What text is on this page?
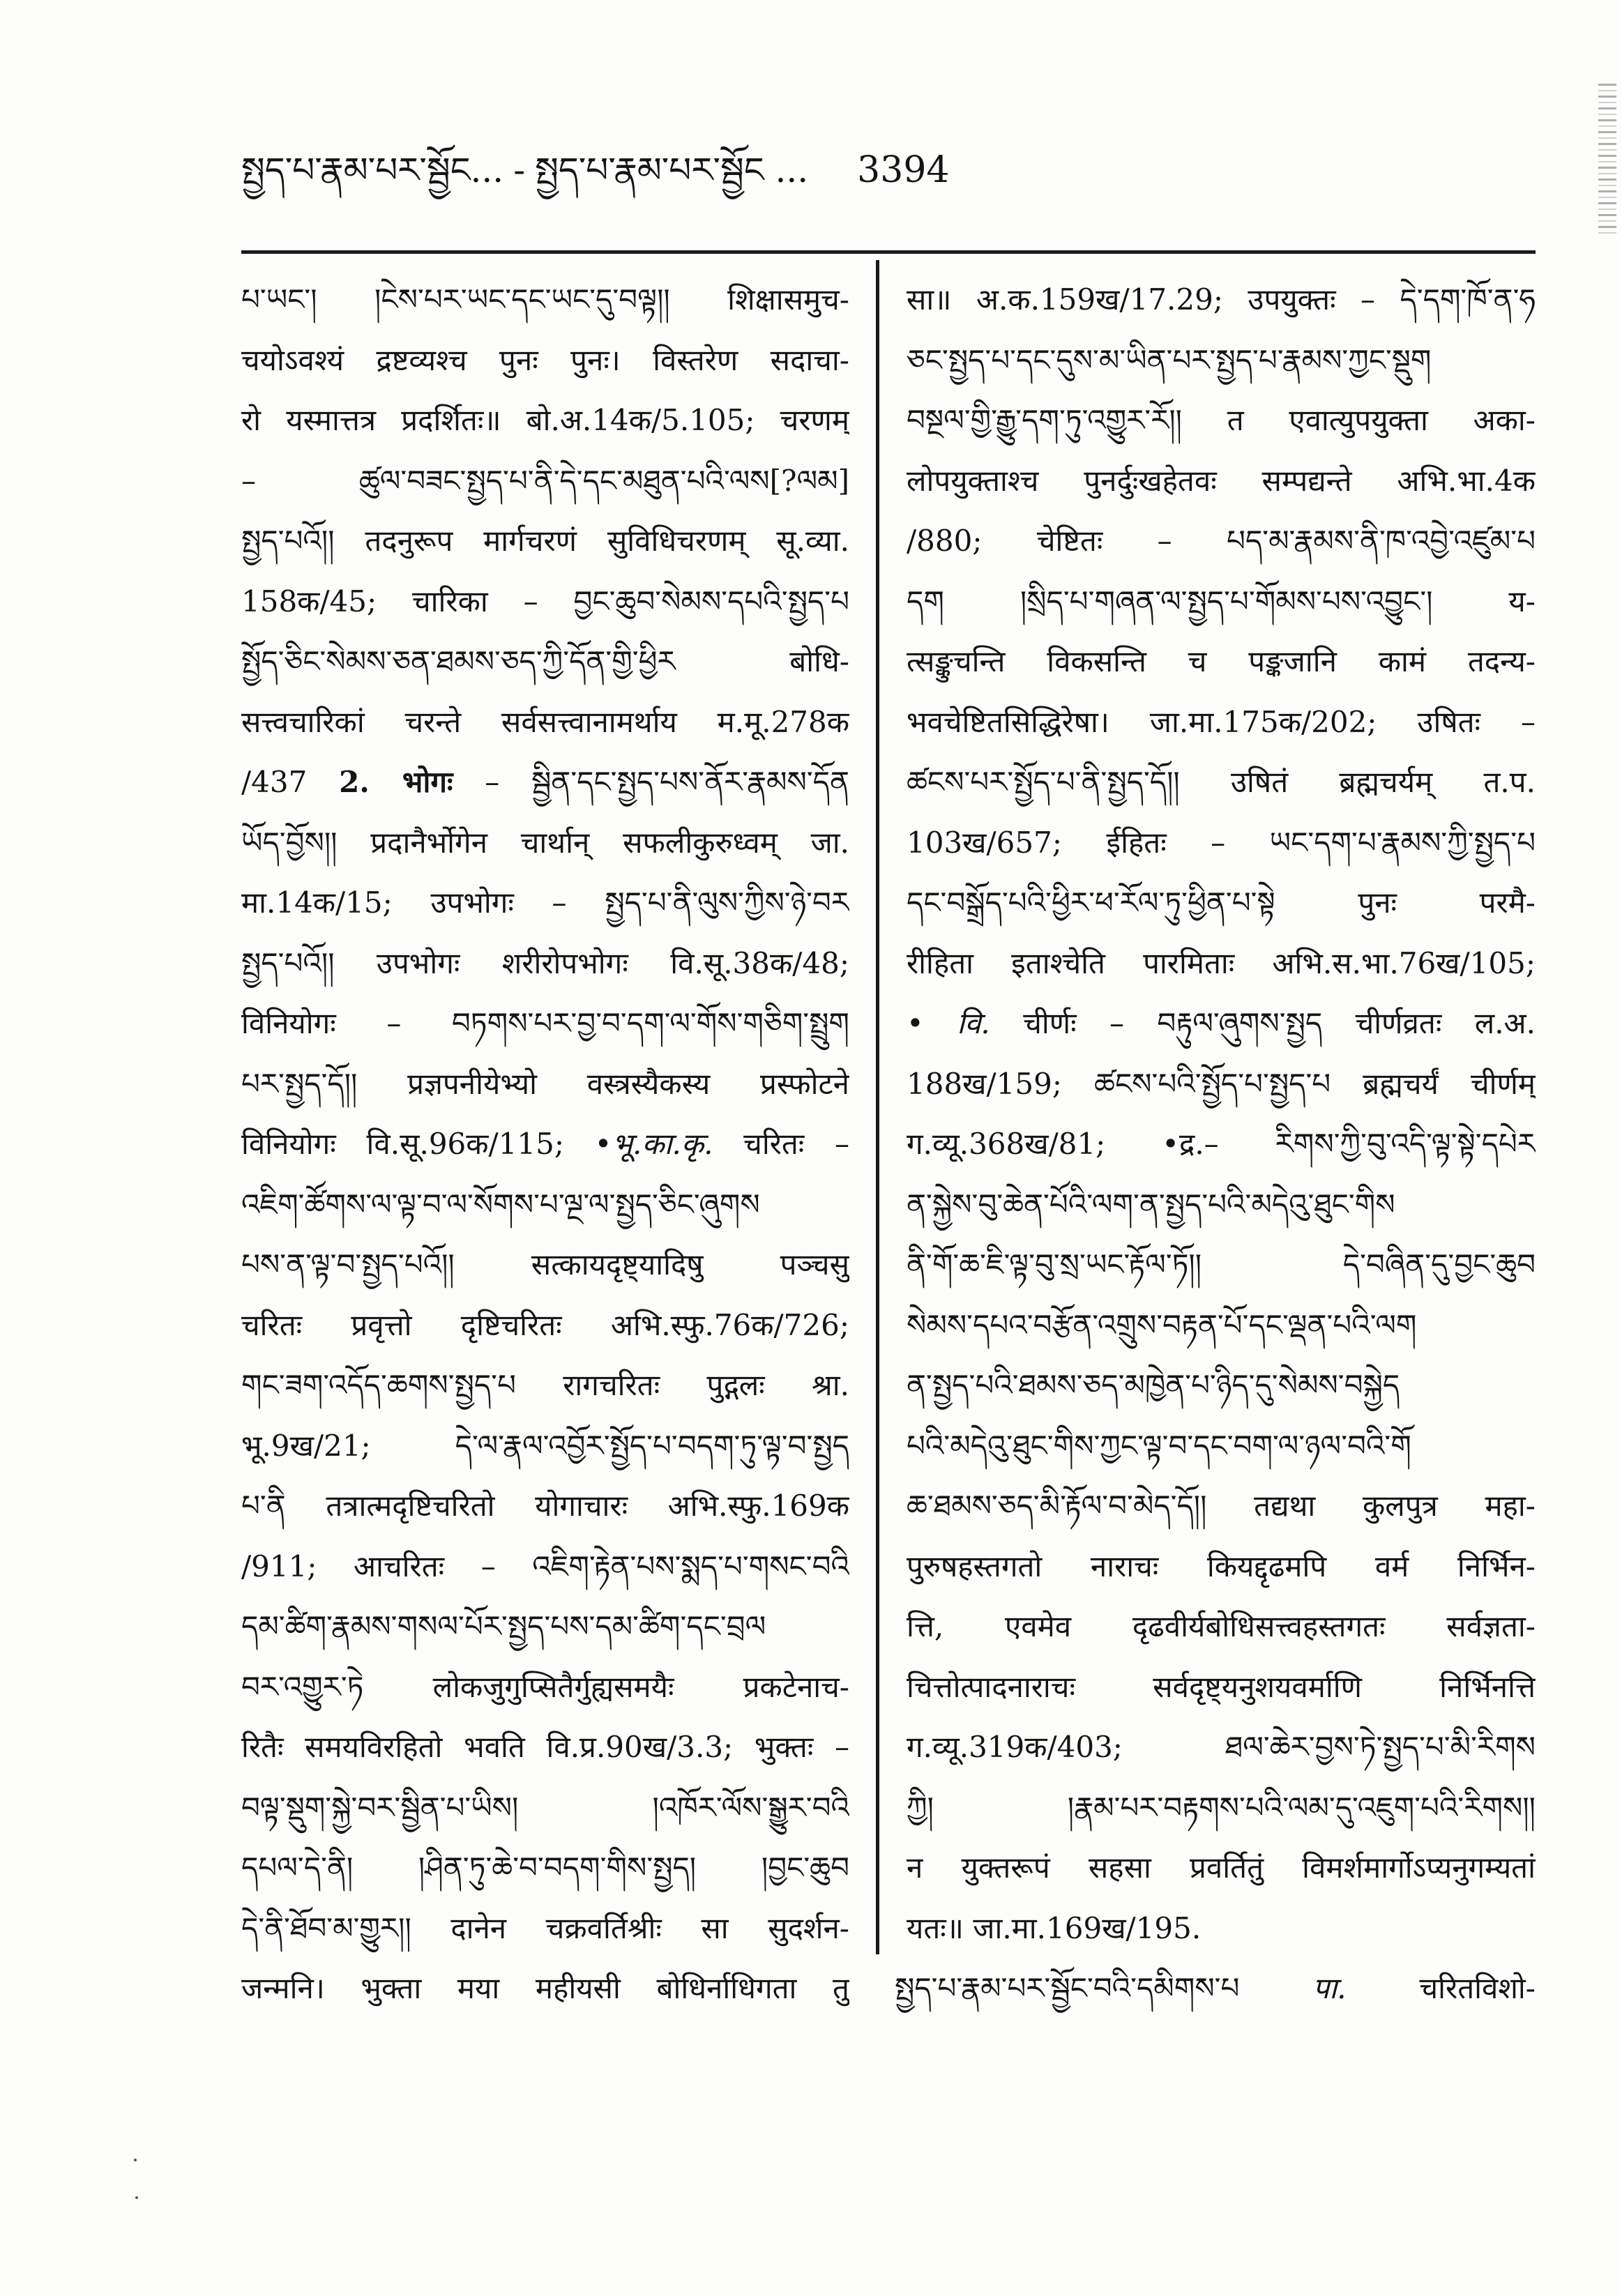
སྤྱད་པ་རྣམ་པར་སྦྱོང... - སྤྱད་པ་རྣམ་པར་སྦྱོང ... 3394
པ་ཡང་། །ངེས་པར་ཡང་དང་ཡང་དུ་བལྟ།། शिक्षासमुच-
चयोऽवश्यं द्रष्टव्यश्च पुनः पुनः। विस्तरेण सदाचा-
रो यस्मात्तत्र प्रदर्शितः॥ बो.अ.14क/5.105; चरणम्
– ཚུལ་བཟང་སྤྱད་པ་ནི་དེ་དང་མཐུན་པའི་ལས[?ལམ]
སྤྱད་པའོ།། तदनुरूप मार्गचरणं सुविधिचरणम् सू.व्या.
158क/45; चारिका – བྱང་ཆུབ་སེམས་དཔའི་སྤྱད་པ
སྤྱོད་ཅིང་སེམས་ཅན་ཐམས་ཅད་ཀྱི་དོན་གྱི་ཕྱིར बोधि-
सत्त्वचारिकां चरन्ते सर्वसत्त्वानामर्थाय म.मू.278क
/437 2. भोगः – སྦྱིན་དང་སྤྱད་པས་ནོར་རྣམས་དོན
ཡོད་བྱོས།། प्रदानैर्भोगेन चार्थान् सफलीकुरुध्वम् जा.
मा.14क/15; उपभोगः – སྤྱད་པ་ནི་ལུས་ཀྱིས་ཉེ་བར
སྤྱད་པའོ།། उपभोगः शरीरोपभोगः वि.सू.38क/48;
विनियोगः – བཏགས་པར་བྱ་བ་དག་ལ་གོས་གཅིག་སྤྲུག
པར་སྤྱད་དོ།། प्रज्ञपनीयेभ्यो वस्त्रस्यैकस्य प्रस्फोटने
विनियोगः वि.सू.96क/115; •भू.का.कृ. चरितः –
འཇིག་ཚོགས་ལ་ལྟ་བ་ལ་སོགས་པ་ལྔ་ལ་སྤྱད་ཅིང་ཞུགས
པས་ན་ལྟ་བ་སྤྱད་པའོ།། सत्कायदृष्ट्यादिषु पञ्चसु
चरितः प्रवृत्तो दृष्टिचरितः अभि.स्फु.76क/726;
གང་ཟག་འདོད་ཆགས་སྤྱད་པ रागचरितः पुद्गलः श्रा.
भू.9ख/21; དེ་ལ་རྣལ་འབྱོར་སྤྱོད་པ་བདག་ཏུ་ལྟ་བ་སྤྱད
པ་ནི तत्रात्मदृष्टिचरितो योगाचारः अभि.स्फु.169क
/911; आचरितः – འཇིག་རྟེན་པས་སྨད་པ་གསང་བའི
དམ་ཚིག་རྣམས་གསལ་པོར་སྤྱད་པས་དམ་ཚིག་དང་བྲལ
བར་འགྱུར་ཏེ लोकजुगुप्सितैर्गुह्यसमयैः प्रकटेनाच-
रितैः समयविरहितो भवति वि.प्र.90ख/3.3; भुक्तः –
བལྟ་སྡུག་སྐྱེ་བར་སྦྱིན་པ་ཡིས། །འཁོར་ལོས་སྒྱུར་བའི
དཔལ་དེ་ནི། །ཤིན་ཏུ་ཆེ་བ་བདག་གིས་སྤྱད། །བྱང་ཆུབ
དེ་ནི་ཐོབ་མ་གྱུར།། दानेन चक्रवर्तिश्रीः सा सुदर्शन-
जन्मनि। भुक्ता मया महीयसी बोधिर्नाधिगता तु
सा॥ अ.क.159ख/17.29; उपयुक्तः – དེ་དག་ཁོ་ན་ཧ
ཅང་སྤྱད་པ་དང་དུས་མ་ཡིན་པར་སྤྱད་པ་རྣམས་ཀྱང་སྡུག
བསྔལ་གྱི་རྒྱུ་དག་ཏུ་འགྱུར་རོ།། त एवात्युपयुक्ता अका-
लोपयुक्ताश्च पुनर्दुःखहेतवः सम्पद्यन्ते अभि.भा.4क
/880; चेष्टितः – པད་མ་རྣམས་ནི་ཁ་འབྱེ་འཛུམ་པ
དག །སྲིད་པ་གཞན་ལ་སྤྱད་པ་གོམས་པས་འབྱུང་། य-
त्सङ्कुचन्ति विकसन्ति च पङ्कजानि कामं तदन्य-
भवचेष्टितसिद्धिरेषा। जा.मा.175क/202; उषितः –
ཚངས་པར་སྤྱོད་པ་ནི་སྤྱད་དོ།། उषितं ब्रह्मचर्यम् त.प.
103ख/657; ईहितः – ཡང་དག་པ་རྣམས་ཀྱི་སྤྱད་པ
དང་བསྒྲོད་པའི་ཕྱིར་ཕ་རོལ་ཏུ་ཕྱིན་པ་སྟེ पुनः परमै-
रीहिता इताश्चेति पारमिताः अभि.स.भा.76ख/105;
• वि. चीर्णः – བརྟུལ་ཞུགས་སྤྱད चीर्णव्रतः ल.अ.
188ख/159; ཚངས་པའི་སྤྱོད་པ་སྤྱད་པ ब्रह्मचर्यं चीर्णम्
ग.व्यू.368ख/81; •द्र.– རིགས་ཀྱི་བུ་འདི་ལྟ་སྟེ་དཔེར
ན་སྐྱེས་བུ་ཆེན་པོའི་ལག་ན་སྤྱད་པའི་མདེའུ་ཐུང་གིས
ནི་གོ་ཆ་ཇི་ལྟ་བུ་སྲ་ཡང་རྟོལ་ཏོ།། དེ་བཞིན་དུ་བྱང་ཆུབ
སེམས་དཔའ་བརྩོན་འགྲུས་བརྟན་པོ་དང་ལྡན་པའི་ལག
ན་སྤྱད་པའི་ཐམས་ཅད་མཁྱེན་པ་ཉིད་དུ་སེམས་བསྐྱེད
པའི་མདེའུ་ཐུང་གིས་ཀྱང་ལྟ་བ་དང་བག་ལ་ཉལ་བའི་གོ
ཆ་ཐམས་ཅད་མི་རྟོལ་བ་མེད་དོ།། तद्यथा कुलपुत्र महा-
पुरुषहस्तगतो नाराचः कियद्दृढमपि वर्म निर्भिन-
त्ति, एवमेव दृढवीर्यबोधिसत्त्वहस्तगतः सर्वज्ञता-
चित्तोत्पादनाराचः सर्वदृष्ट्यनुशयवर्माणि निर्भिनत्ति
ग.व्यू.319क/403; ཐལ་ཆེར་བྱས་ཏེ་སྤྱད་པ་མི་རིགས
ཀྱི། །རྣམ་པར་བརྟགས་པའི་ལམ་དུ་འཇུག་པའི་རིགས།།
न युक्तरूपं सहसा प्रवर्तितुं विमर्शमार्गोऽप्यनुगम्यतां
यतः॥ जा.मा.169ख/195.
སྤྱད་པ་རྣམ་པར་སྦྱོང་བའི་དམིགས་པ पा. चरितविशो-
